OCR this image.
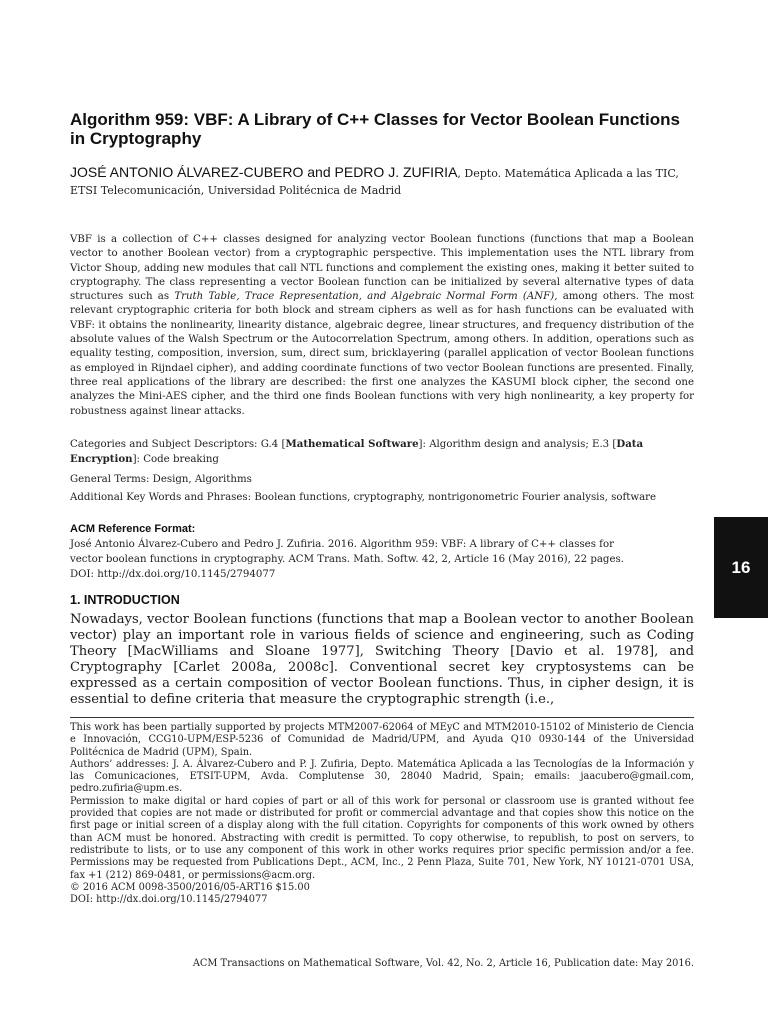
Algorithm 959: VBF: A Library of C++ Classes for Vector Boolean Functions in Cryptography

JOSÉ ANTONIO ÁLVAREZ-CUBERO and PEDRO J. ZUFIRIA, Depto. Matemática Aplicada a las TIC, ETSI Telecomunicación, Universidad Politécnica de Madrid

VBF is a collection of C++ classes designed for analyzing vector Boolean functions (functions that map a Boolean vector to another Boolean vector) from a cryptographic perspective. This implementation uses the NTL library from Victor Shoup, adding new modules that call NTL functions and complement the existing ones, making it better suited to cryptography. The class representing a vector Boolean function can be initialized by several alternative types of data structures such as Truth Table, Trace Representation, and Algebraic Normal Form (ANF), among others. The most relevant cryptographic criteria for both block and stream ciphers as well as for hash functions can be evaluated with VBF: it obtains the nonlinearity, linearity distance, algebraic degree, linear structures, and frequency distribution of the absolute values of the Walsh Spectrum or the Autocorrelation Spectrum, among others. In addition, operations such as equality testing, composition, inversion, sum, direct sum, bricklayering (parallel application of vector Boolean functions as employed in Rijndael cipher), and adding coordinate functions of two vector Boolean functions are presented. Finally, three real applications of the library are described: the first one analyzes the KASUMI block cipher, the second one analyzes the Mini-AES cipher, and the third one finds Boolean functions with very high nonlinearity, a key property for robustness against linear attacks.

Categories and Subject Descriptors: G.4 [Mathematical Software]: Algorithm design and analysis; E.3 [Data Encryption]: Code breaking

General Terms: Design, Algorithms

Additional Key Words and Phrases: Boolean functions, cryptography, nontrigonometric Fourier analysis, software

ACM Reference Format:
José Antonio Álvarez-Cubero and Pedro J. Zufiria. 2016. Algorithm 959: VBF: A library of C++ classes for
vector boolean functions in cryptography. ACM Trans. Math. Softw. 42, 2, Article 16 (May 2016), 22 pages.
DOI: http://dx.doi.org/10.1145/2794077
1. INTRODUCTION

Nowadays, vector Boolean functions (functions that map a Boolean vector to another Boolean vector) play an important role in various fields of science and engineering, such as Coding Theory [MacWilliams and Sloane 1977], Switching Theory [Davio et al. 1978], and Cryptography [Carlet 2008a, 2008c]. Conventional secret key cryptosystems can be expressed as a certain composition of vector Boolean functions. Thus, in cipher design, it is essential to define criteria that measure the cryptographic strength (i.e.,

This work has been partially supported by projects MTM2007-62064 of MEyC and MTM2010-15102 of Ministerio de Ciencia e Innovación, CCG10-UPM/ESP-5236 of Comunidad de Madrid/UPM, and Ayuda Q10 0930-144 of the Universidad Politécnica de Madrid (UPM), Spain.

Authors’ addresses: J. A. Álvarez-Cubero and P. J. Zufiria, Depto. Matemática Aplicada a las Tecnologías de la Información y las Comunicaciones, ETSIT-UPM, Avda. Complutense 30, 28040 Madrid, Spain; emails: jaacubero@gmail.com, pedro.zufiria@upm.es.

Permission to make digital or hard copies of part or all of this work for personal or classroom use is granted without fee provided that copies are not made or distributed for profit or commercial advantage and that copies show this notice on the first page or initial screen of a display along with the full citation. Copyrights for components of this work owned by others than ACM must be honored. Abstracting with credit is permitted. To copy otherwise, to republish, to post on servers, to redistribute to lists, or to use any component of this work in other works requires prior specific permission and/or a fee. Permissions may be requested from Publications Dept., ACM, Inc., 2 Penn Plaza, Suite 701, New York, NY 10121-0701 USA, fax +1 (212) 869-0481, or permissions@acm.org.

© 2016 ACM 0098-3500/2016/05-ART16 $15.00

DOI: http://dx.doi.org/10.1145/2794077

ACM Transactions on Mathematical Software, Vol. 42, No. 2, Article 16, Publication date: May 2016.

16
